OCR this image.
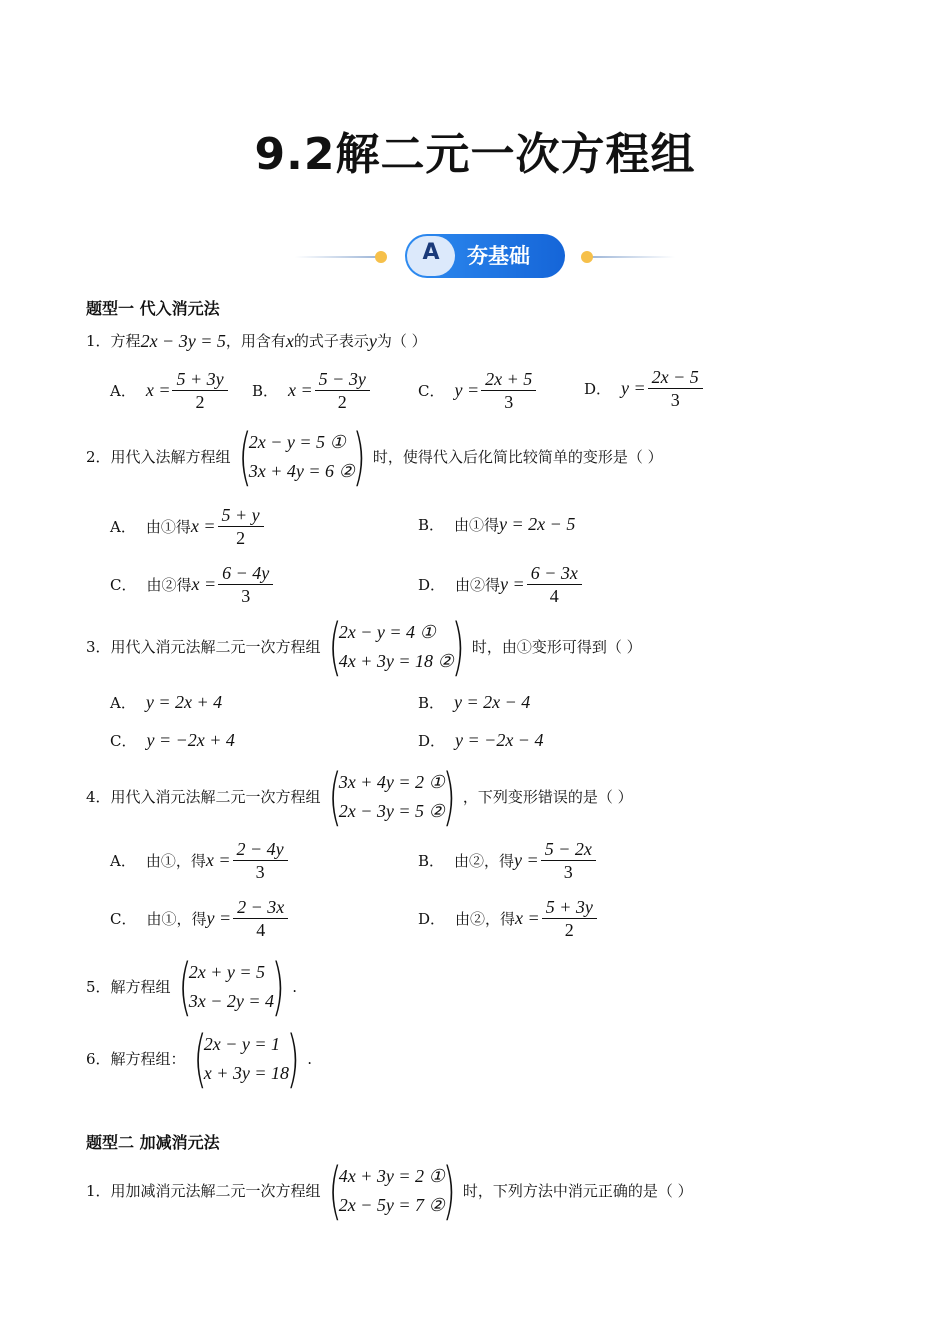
9.2解二元一次方程组
A	夯基础
题型一 代入消元法
1． 方程 2x − 3y = 5 ，用含有 x 的式子表示 y 为（ ）
A． $x = \frac{5 + 3y}{2}$ B． $x = \frac{5 - 3y}{2}$	C． $y = \frac{2x + 5}{3}$	D． $y = \frac{2x - 5}{3}$
2． 用代入法解方程组 (
2x − y = 5 ①
3x + 4y = 6 ②
) 时，使得代入后化简比较简单的变形是（ ）
A． 由①得 $x = \frac{5 + y}{2}$	B． 由①得 y = 2x − 5
C． 由②得 $x = \frac{6 - 4y}{3}$	D． 由②得 $y = \frac{6 - 3x}{4}$
3． 用代入消元法解二元一次方程组 (
2x − y = 4 ①
4x + 3y = 18 ②
) 时，由①变形可得到（ ）
A． y = 2x + 4	B． y = 2x − 4
C． y = −2x + 4	D． y = −2x − 4
4． 用代入消元法解二元一次方程组 (
3x + 4y = 2 ①
2x − 3y = 5 ②
) ，下列变形错误的是（ ）
A． 由①，得 $x = \frac{2 - 4y}{3}$	B． 由②，得 $y = \frac{5 - 2x}{3}$
C． 由①，得 $y = \frac{2 - 3x}{4}$	D． 由②，得 $x = \frac{5 + 3y}{2}$
5． 解方程组 (
2x + y = 5
3x − 2y = 4
) .
6． 解方程组： (
2x − y = 1
x + 3y = 18
) .
题型二 加减消元法
1． 用加减消元法解二元一次方程组 (
4x + 3y = 2 ①
2x − 5y = 7 ②
) 时，下列方法中消元正确的是（ ）
